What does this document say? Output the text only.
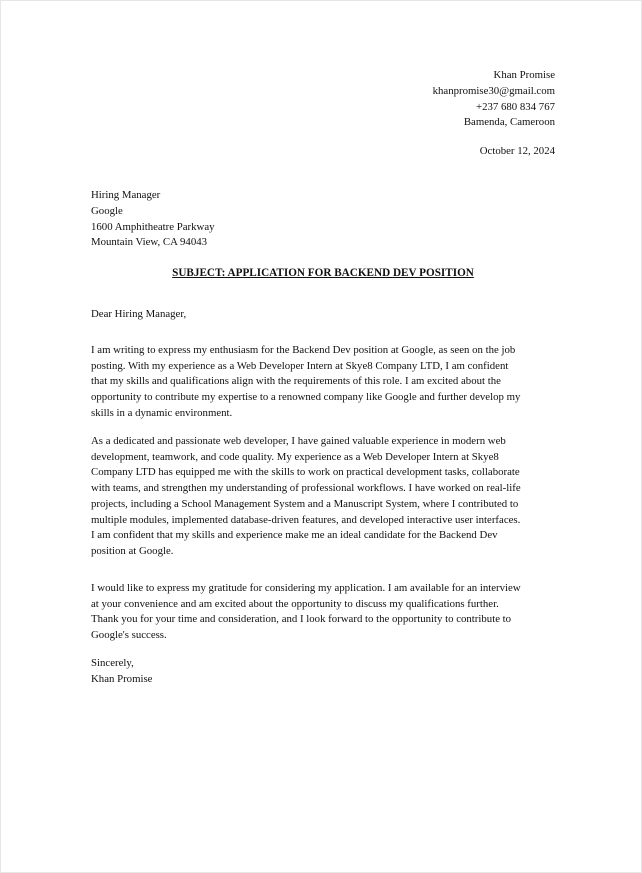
Khan Promise
khanpromise30@gmail.com
+237 680 834 767
Bamenda, Cameroon
October 12, 2024
Hiring Manager
Google
1600 Amphitheatre Parkway
Mountain View, CA 94043
SUBJECT: APPLICATION FOR BACKEND DEV POSITION
Dear Hiring Manager,

I am writing to express my enthusiasm for the Backend Dev position at Google, as seen on the job
posting. With my experience as a Web Developer Intern at Skye8 Company LTD, I am confident
that my skills and qualifications align with the requirements of this role. I am excited about the
opportunity to contribute my expertise to a renowned company like Google and further develop my
skills in a dynamic environment.

As a dedicated and passionate web developer, I have gained valuable experience in modern web
development, teamwork, and code quality. My experience as a Web Developer Intern at Skye8
Company LTD has equipped me with the skills to work on practical development tasks, collaborate
with teams, and strengthen my understanding of professional workflows. I have worked on real-life
projects, including a School Management System and a Manuscript System, where I contributed to
multiple modules, implemented database-driven features, and developed interactive user interfaces.
I am confident that my skills and experience make me an ideal candidate for the Backend Dev
position at Google.

I would like to express my gratitude for considering my application. I am available for an interview
at your convenience and am excited about the opportunity to discuss my qualifications further.
Thank you for your time and consideration, and I look forward to the opportunity to contribute to
Google's success.

Sincerely,
Khan Promise
